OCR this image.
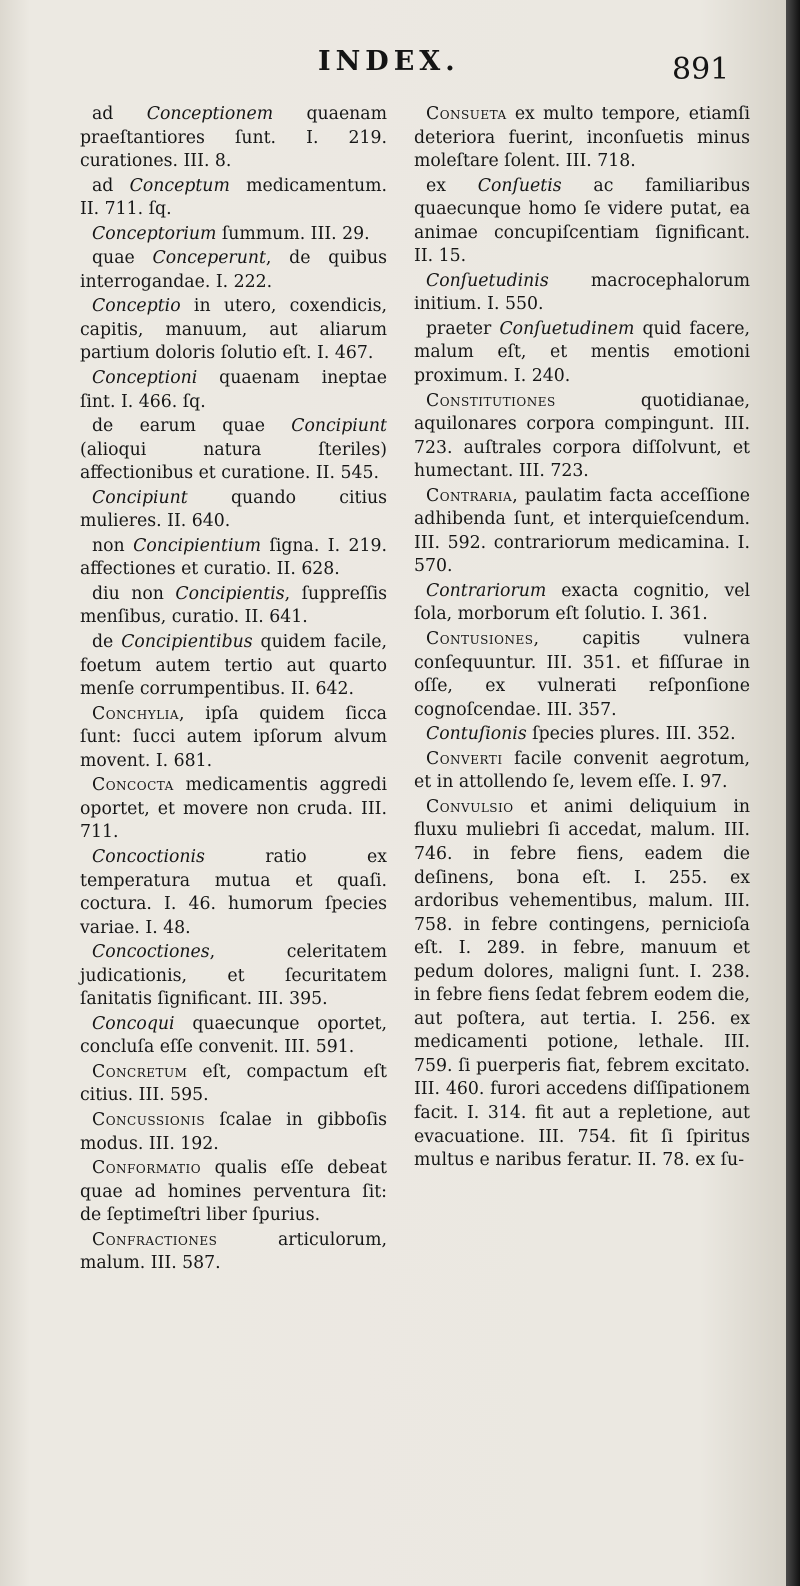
INDEX.	891

ad Conceptionem quaenam praeſtantiores ſunt. I. 219. curationes. III. 8.

ad Conceptum medicamentum. II. 711. ſq.

Conceptorium ſummum. III. 29.

quae Conceperunt, de quibus interrogandae. I. 222.

Conceptio in utero, coxendicis, capitis, manuum, aut aliarum partium doloris ſolutio eſt. I. 467.

Conceptioni quaenam ineptae ſint. I. 466. ſq.

de earum quae Concipiunt (alioqui natura ſteriles) affectionibus et curatione. II. 545.

Concipiunt quando citius mulieres. II. 640.

non Concipientium ſigna. I. 219. affectiones et curatio. II. 628.

diu non Concipientis, ſuppreſſis menſibus, curatio. II. 641.

de Concipientibus quidem facile, foetum autem tertio aut quarto menſe corrumpentibus. II. 642.

Conchylia, ipſa quidem ſicca ſunt: ſucci autem ipſorum alvum movent. I. 681.

Concocta medicamentis aggredi oportet, et movere non cruda. III. 711.

Concoctionis ratio ex temperatura mutua et quaſi. coctura. I. 46. humorum ſpecies variae. I. 48.

Concoctiones, celeritatem judicationis, et ſecuritatem ſanitatis ſignificant. III. 395.

Concoqui quaecunque oportet, concluſa eſſe convenit. III. 591.

Concretum eſt, compactum eſt citius. III. 595.

Concussionis ſcalae in gibboſis modus. III. 192.

Conformatio qualis eſſe debeat quae ad homines perventura ſit: de ſeptimeſtri liber ſpurius.

Confractiones articulorum, malum. III. 587.

Consueta ex multo tempore, etiamſi deteriora fuerint, inconſuetis minus moleſtare ſolent. III. 718.

ex Conſuetis ac familiaribus quaecunque homo ſe videre putat, ea animae concupiſcentiam ſignificant. II. 15.

Conſuetudinis macrocephalorum initium. I. 550.

praeter Conſuetudinem quid facere, malum eſt, et mentis emotioni proximum. I. 240.

Constitutiones quotidianae, aquilonares corpora compingunt. III. 723. auſtrales corpora diſſolvunt, et humectant. III. 723.

Contraria, paulatim facta acceſſione adhibenda ſunt, et interquieſcendum. III. 592. contrariorum medicamina. I. 570.

Contrariorum exacta cognitio, vel ſola, morborum eſt ſolutio. I. 361.

Contusiones, capitis vulnera conſequuntur. III. 351. et fiſſurae in oſſe, ex vulnerati reſponſione cognoſcendae. III. 357.

Contuſionis ſpecies plures. III. 352.

Converti facile convenit aegrotum, et in attollendo ſe, levem eſſe. I. 97.

Convulsio et animi deliquium in fluxu muliebri ſi accedat, malum. III. 746. in febre fiens, eadem die deſinens, bona eſt. I. 255. ex ardoribus vehementibus, malum. III. 758. in febre contingens, pernicioſa eſt. I. 289. in febre, manuum et pedum dolores, maligni ſunt. I. 238. in febre fiens ſedat febrem eodem die, aut poſtera, aut tertia. I. 256. ex medicamenti potione, lethale. III. 759. ſi puerperis fiat, febrem excitato. III. 460. furori accedens diſſipationem facit. I. 314. fit aut a repletione, aut evacuatione. III. 754. fit ſi ſpiritus multus e naribus feratur. II. 78. ex ſu-
